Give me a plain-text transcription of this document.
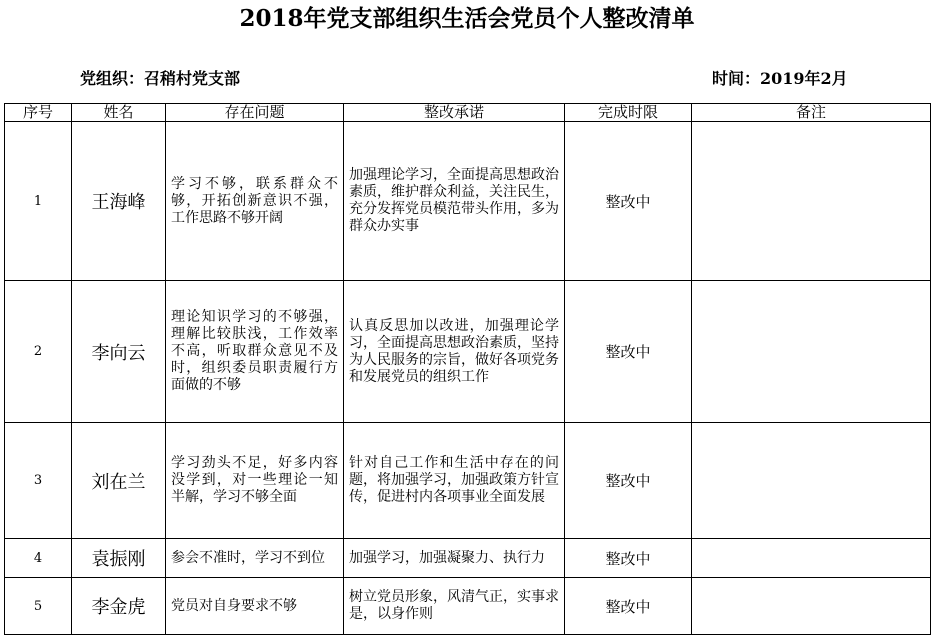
2018年党支部组织生活会党员个人整改清单
党组织：召稍村党支部	时间：2019年2月
序号	姓名	存在问题	整改承诺	完成时限	备注
1	王海峰	学习不够，联系群众不够，开拓创新意识不强，工作思路不够开阔	加强理论学习，全面提高思想政治素质，维护群众利益，关注民生，充分发挥党员模范带头作用，多为群众办实事	整改中	
2	李向云	理论知识学习的不够强，理解比较肤浅，工作效率不高，听取群众意见不及时，组织委员职责履行方面做的不够	认真反思加以改进，加强理论学习，全面提高思想政治素质，坚持为人民服务的宗旨，做好各项党务和发展党员的组织工作	整改中	
3	刘在兰	学习劲头不足，好多内容没学到，对一些理论一知半解，学习不够全面	针对自己工作和生活中存在的问题，将加强学习，加强政策方针宣传，促进村内各项事业全面发展	整改中	
4	袁振刚	参会不准时，学习不到位	加强学习，加强凝聚力、执行力	整改中	
5	李金虎	党员对自身要求不够	树立党员形象，风清气正，实事求是，以身作则	整改中	
